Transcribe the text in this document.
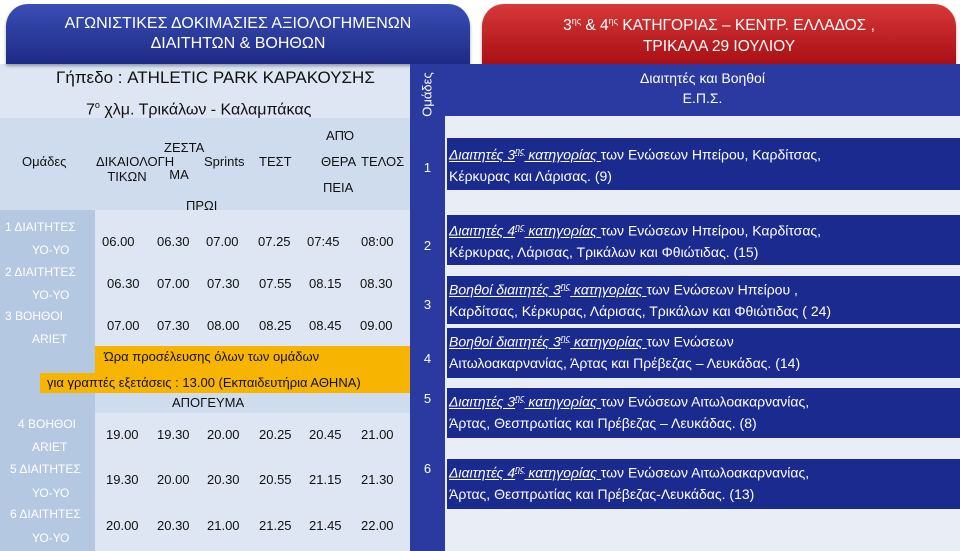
ΑΓΩΝΙΣΤΙΚΕΣ ΔΟΚΙΜΑΣΙΕΣ ΑΞΙΟΛΟΓΗΜΕΝΩΝ
ΔΙΑΙΤΗΤΩΝ & ΒΟΗΘΩΝ
$3^{\eta\varsigma}$ & $4^{\eta\varsigma}$ ΚΑΤΗΓΟΡΙΑΣ – ΚΕΝΤΡ. ΕΛΛΑΔΟΣ ,
ΤΡΙΚΑΛΑ 29 ΙΟΥΛΙΟΥ
Γήπεδο : ATHLETIC PARK ΚΑΡΑΚΟΥΣΗΣ
$7^o$ χλμ. Τρικάλων - Καλαμπάκας
Ομάδες ΔΙΚΑΙΟΛΟΓΗ ΤΙΚΩΝ
ΖΕΣΤΑ
ΜΑ
Sprints ΤΕΣΤ
ΑΠΌ
ΘΕΡΑ
ΠΕΙΑ
ΤΕΛΟΣ
ΠΡΩΙ
1 ΔΙΑΙΤΗΤΕΣ
ΥΟ-ΥΟ
2 ΔΙΑΙΤΗΤΕΣ
ΥΟ-ΥΟ
3 ΒΟΗΘΟΙ
ARIET
06.00 06.30 07.00 07.25 07:45 08:00
06.30 07.00 07.30 07.55 08.15 08.30
07.00 07.30 08.00 08.25 08.45 09.00
Ώρα προσέλευσης όλων των ομάδων
για γραπτές εξετάσεις : 13.00 (Εκπαιδευτήρια ΑΘΗΝΑ)
ΑΠΟΓΕΥΜΑ
4 ΒΟΗΘΟΙ
ARIET
5 ΔΙΑΙΤΗΤΕΣ
ΥΟ-ΥΟ
6 ΔΙΑΙΤΗΤΕΣ
ΥΟ-ΥΟ
19.00 19.30 20.00 20.25 20.45 21.00
19.30 20.00 20.30 20.55 21.15 21.30
20.00 20.30 21.00 21.25 21.45 22.00
Ομάδες
1
2
3
4
5
6
Διαιτητές και Βοηθοί
Ε.Π.Σ.
Διαιτητές $3^{\eta\varsigma}$ κατηγορίας των Ενώσεων Ηπείρου, Καρδίτσας,
Κέρκυρας και Λάρισας. (9)
Διαιτητές $4^{\eta\varsigma}$ κατηγορίας των Ενώσεων Ηπείρου, Καρδίτσας,
Κέρκυρας, Λάρισας, Τρικάλων και Φθιώτιδας. (15)
Βοηθοί διαιτητές $3^{\eta\varsigma}$ κατηγορίας των Ενώσεων Ηπείρου ,
Καρδίτσας, Κέρκυρας, Λάρισας, Τρικάλων και Φθιώτιδας ( 24)
Βοηθοί διαιτητές $3^{\eta\varsigma}$ κατηγορίας των Ενώσεων
Αιτωλοακαρνανίας, Άρτας και Πρέβεζας – Λευκάδας. (14)
Διαιτητές $3^{\eta\varsigma}$ κατηγορίας των Ενώσεων Αιτωλοακαρνανίας,
Άρτας, Θεσπρωτίας και Πρέβεζας – Λευκάδας. (8)
Διαιτητές $4^{\eta\varsigma}$ κατηγορίας των Ενώσεων Αιτωλοακαρνανίας,
Άρτας, Θεσπρωτίας και Πρέβεζας-Λευκάδας. (13)
